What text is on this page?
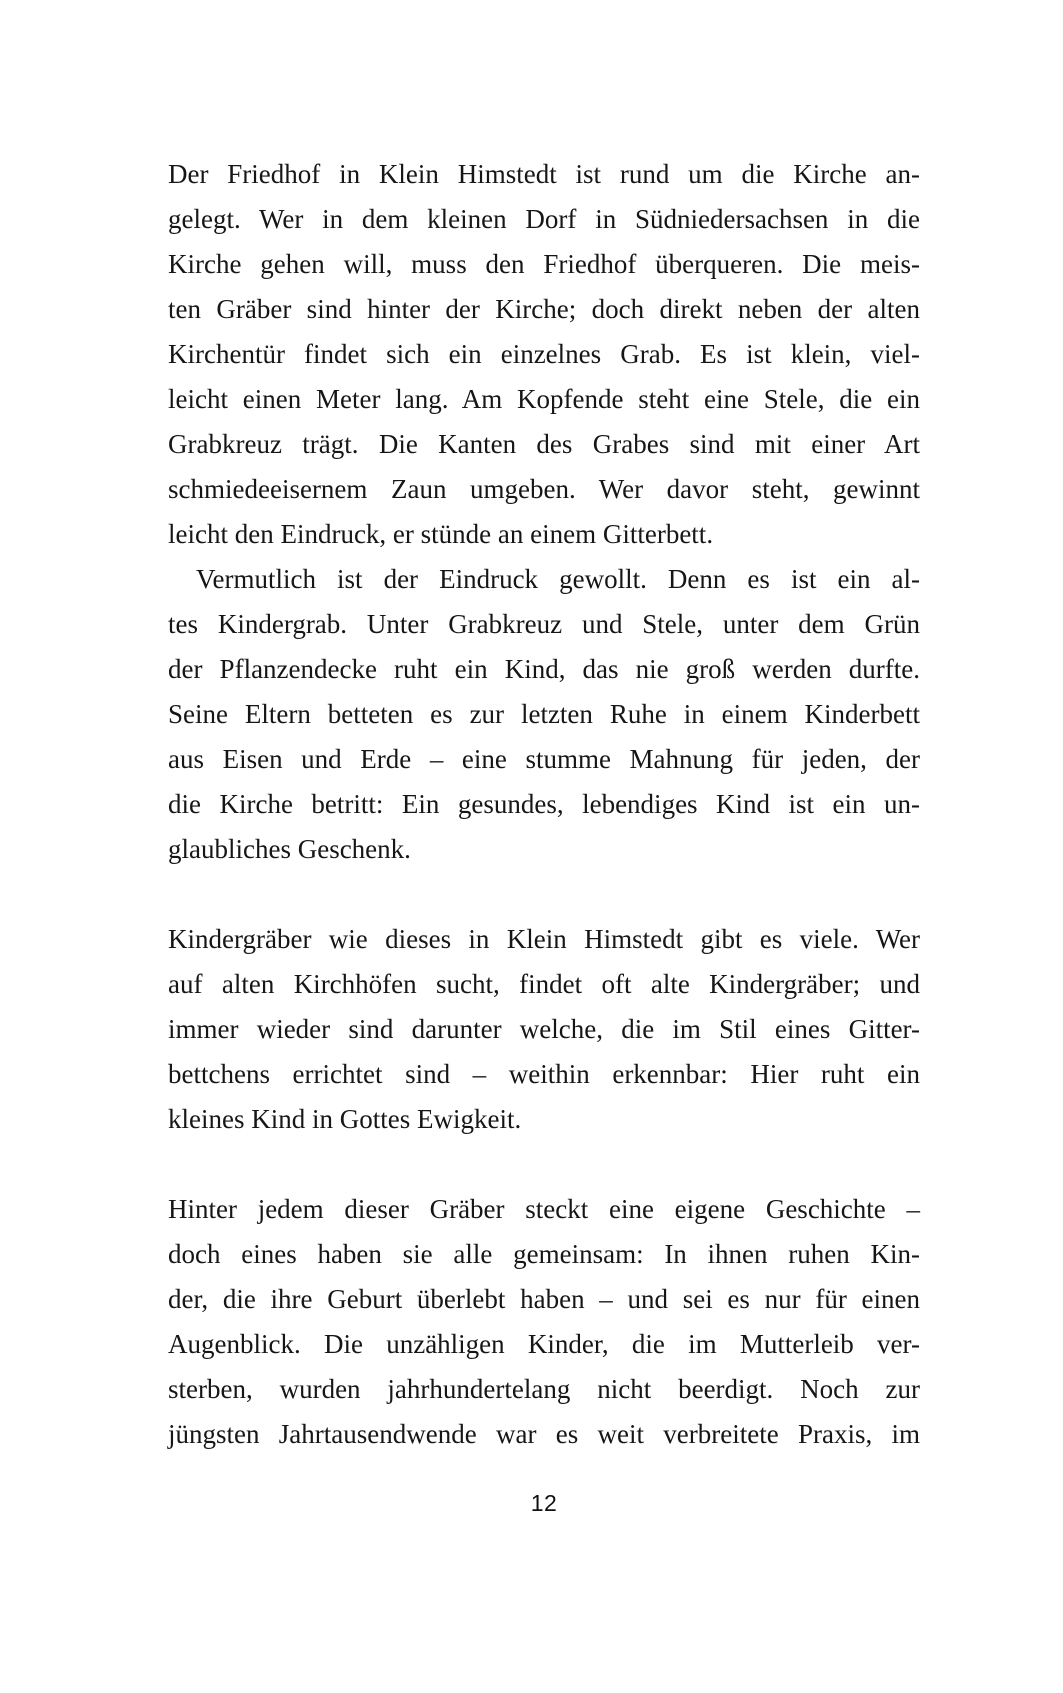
Der Friedhof in Klein Himstedt ist rund um die Kirche an-
gelegt. Wer in dem kleinen Dorf in Südniedersachsen in die
Kirche gehen will, muss den Friedhof überqueren. Die meis-
ten Gräber sind hinter der Kirche; doch direkt neben der alten
Kirchentür findet sich ein einzelnes Grab. Es ist klein, viel-
leicht einen Meter lang. Am Kopfende steht eine Stele, die ein
Grabkreuz trägt. Die Kanten des Grabes sind mit einer Art
schmiedeeisernem Zaun umgeben. Wer davor steht, gewinnt
leicht den Eindruck, er stünde an einem Gitterbett.
Vermutlich ist der Eindruck gewollt. Denn es ist ein al-
tes Kindergrab. Unter Grabkreuz und Stele, unter dem Grün
der Pflanzendecke ruht ein Kind, das nie groß werden durfte.
Seine Eltern betteten es zur letzten Ruhe in einem Kinderbett
aus Eisen und Erde – eine stumme Mahnung für jeden, der
die Kirche betritt: Ein gesundes, lebendiges Kind ist ein un-
glaubliches Geschenk.
Kindergräber wie dieses in Klein Himstedt gibt es viele. Wer
auf alten Kirchhöfen sucht, findet oft alte Kindergräber; und
immer wieder sind darunter welche, die im Stil eines Gitter-
bettchens errichtet sind – weithin erkennbar: Hier ruht ein
kleines Kind in Gottes Ewigkeit.
Hinter jedem dieser Gräber steckt eine eigene Geschichte –
doch eines haben sie alle gemeinsam: In ihnen ruhen Kin-
der, die ihre Geburt überlebt haben – und sei es nur für einen
Augenblick. Die unzähligen Kinder, die im Mutterleib ver-
sterben, wurden jahrhundertelang nicht beerdigt. Noch zur
jüngsten Jahrtausendwende war es weit verbreitete Praxis, im
12
